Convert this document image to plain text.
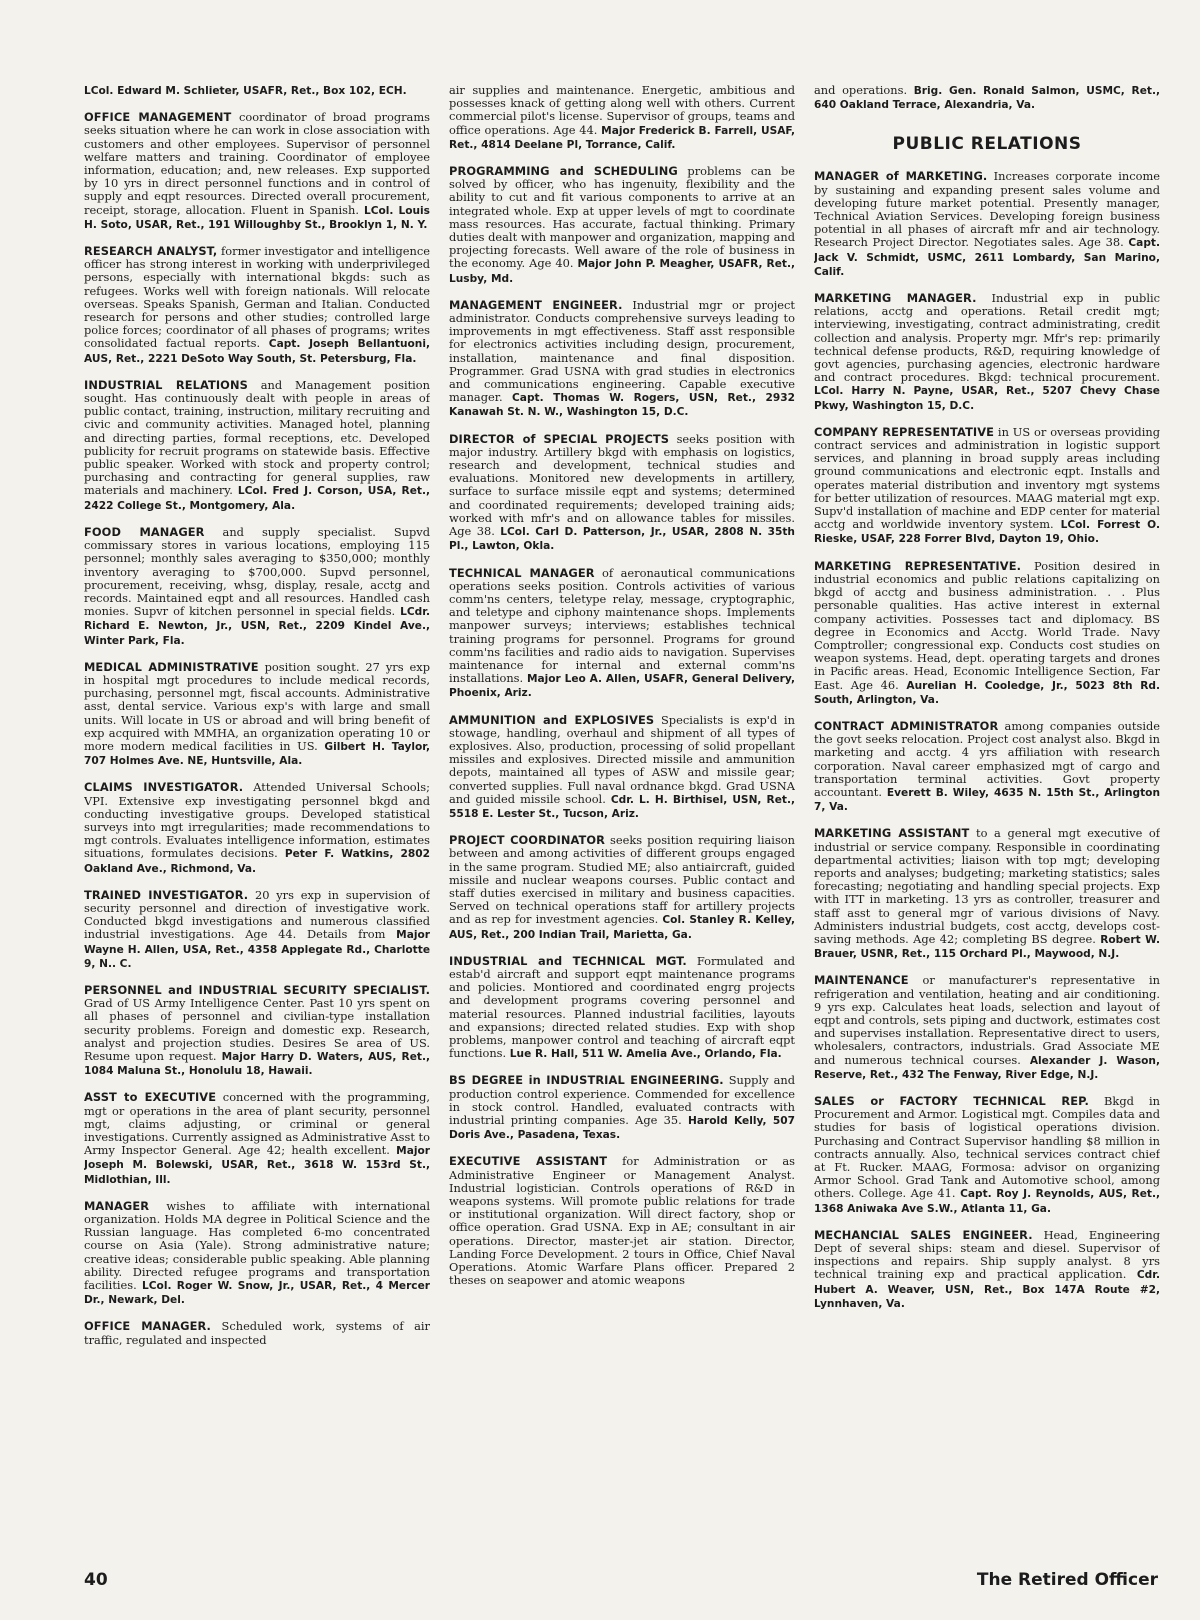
LCol. Edward M. Schlieter, USAFR, Ret., Box 102, ECH.

OFFICE MANAGEMENT coordinator of broad programs seeks situation where he can work in close association with customers and other employees. Supervisor of personnel welfare matters and training. Coordinator of employee information, education; and, new releases. Exp supported by 10 yrs in direct personnel functions and in control of supply and eqpt resources. Directed overall procurement, receipt, storage, allocation. Fluent in Spanish. LCol. Louis H. Soto, USAR, Ret., 191 Willoughby St., Brooklyn 1, N. Y.

RESEARCH ANALYST, former investigator and intelligence officer has strong interest in working with underprivileged persons, especially with international bkgds: such as refugees. Works well with foreign nationals. Will relocate overseas. Speaks Spanish, German and Italian. Conducted research for persons and other studies; controlled large police forces; coordinator of all phases of programs; writes consolidated factual reports. Capt. Joseph Bellantuoni, AUS, Ret., 2221 DeSoto Way South, St. Petersburg, Fla.

INDUSTRIAL RELATIONS and Management position sought. Has continuously dealt with people in areas of public contact, training, instruction, military recruiting and civic and community activities. Managed hotel, planning and directing parties, formal receptions, etc. Developed publicity for recruit programs on statewide basis. Effective public speaker. Worked with stock and property control; purchasing and contracting for general supplies, raw materials and machinery. LCol. Fred J. Corson, USA, Ret., 2422 College St., Montgomery, Ala.

FOOD MANAGER and supply specialist. Supvd commissary stores in various locations, employing 115 personnel; monthly sales averaging to $350,000; monthly inventory averaging to $700,000. Supvd personnel, procurement, receiving, whsg, display, resale, acctg and records. Maintained eqpt and all resources. Handled cash monies. Supvr of kitchen personnel in special fields. LCdr. Richard E. Newton, Jr., USN, Ret., 2209 Kindel Ave., Winter Park, Fla.

MEDICAL ADMINISTRATIVE position sought. 27 yrs exp in hospital mgt procedures to include medical records, purchasing, personnel mgt, fiscal accounts. Administrative asst, dental service. Various exp's with large and small units. Will locate in US or abroad and will bring benefit of exp acquired with MMHA, an organization operating 10 or more modern medical facilities in US. Gilbert H. Taylor, 707 Holmes Ave. NE, Huntsville, Ala.

CLAIMS INVESTIGATOR. Attended Universal Schools; VPI. Extensive exp investigating personnel bkgd and conducting investigative groups. Developed statistical surveys into mgt irregularities; made recommendations to mgt controls. Evaluates intelligence information, estimates situations, formulates decisions. Peter F. Watkins, 2802 Oakland Ave., Richmond, Va.

TRAINED INVESTIGATOR. 20 yrs exp in supervision of security personnel and direction of investigative work. Conducted bkgd investigations and numerous classified industrial investigations. Age 44. Details from Major Wayne H. Allen, USA, Ret., 4358 Applegate Rd., Charlotte 9, N.. C.

PERSONNEL and INDUSTRIAL SECURITY SPECIALIST. Grad of US Army Intelligence Center. Past 10 yrs spent on all phases of personnel and civilian-type installation security problems. Foreign and domestic exp. Research, analyst and projection studies. Desires Se area of US. Resume upon request. Major Harry D. Waters, AUS, Ret., 1084 Maluna St., Honolulu 18, Hawaii.

ASST to EXECUTIVE concerned with the programming, mgt or operations in the area of plant security, personnel mgt, claims adjusting, or criminal or general investigations. Currently assigned as Administrative Asst to Army Inspector General. Age 42; health excellent. Major Joseph M. Bolewski, USAR, Ret., 3618 W. 153rd St., Midlothian, Ill.

MANAGER wishes to affiliate with international organization. Holds MA degree in Political Science and the Russian language. Has completed 6-mo concentrated course on Asia (Yale). Strong administrative nature; creative ideas; considerable public speaking. Able planning ability. Directed refugee programs and transportation facilities. LCol. Roger W. Snow, Jr., USAR, Ret., 4 Mercer Dr., Newark, Del.

OFFICE MANAGER. Scheduled work, systems of air traffic, regulated and inspected

air supplies and maintenance. Energetic, ambitious and possesses knack of getting along well with others. Current commercial pilot's license. Supervisor of groups, teams and office operations. Age 44. Major Frederick B. Farrell, USAF, Ret., 4814 Deelane Pl, Torrance, Calif.

PROGRAMMING and SCHEDULING problems can be solved by officer, who has ingenuity, flexibility and the ability to cut and fit various components to arrive at an integrated whole. Exp at upper levels of mgt to coordinate mass resources. Has accurate, factual thinking. Primary duties dealt with manpower and organization, mapping and projecting forecasts. Well aware of the role of business in the economy. Age 40. Major John P. Meagher, USAFR, Ret., Lusby, Md.

MANAGEMENT ENGINEER. Industrial mgr or project administrator. Conducts comprehensive surveys leading to improvements in mgt effectiveness. Staff asst responsible for electronics activities including design, procurement, installation, maintenance and final disposition. Programmer. Grad USNA with grad studies in electronics and communications engineering. Capable executive manager. Capt. Thomas W. Rogers, USN, Ret., 2932 Kanawah St. N. W., Washington 15, D.C.

DIRECTOR of SPECIAL PROJECTS seeks position with major industry. Artillery bkgd with emphasis on logistics, research and development, technical studies and evaluations. Monitored new developments in artillery, surface to surface missile eqpt and systems; determined and coordinated requirements; developed training aids; worked with mfr's and on allowance tables for missiles. Age 38. LCol. Carl D. Patterson, Jr., USAR, 2808 N. 35th Pl., Lawton, Okla.

TECHNICAL MANAGER of aeronautical communications operations seeks position. Controls activities of various comm'ns centers, teletype relay, message, cryptographic, and teletype and ciphony maintenance shops. Implements manpower surveys; interviews; establishes technical training programs for personnel. Programs for ground comm'ns facilities and radio aids to navigation. Supervises maintenance for internal and external comm'ns installations. Major Leo A. Allen, USAFR, General Delivery, Phoenix, Ariz.

AMMUNITION and EXPLOSIVES Specialists is exp'd in stowage, handling, overhaul and shipment of all types of explosives. Also, production, processing of solid propellant missiles and explosives. Directed missile and ammunition depots, maintained all types of ASW and missile gear; converted supplies. Full naval ordnance bkgd. Grad USNA and guided missile school. Cdr. L. H. Birthisel, USN, Ret., 5518 E. Lester St., Tucson, Ariz.

PROJECT COORDINATOR seeks position requiring liaison between and among activities of different groups engaged in the same program. Studied ME; also antiaircraft, guided missile and nuclear weapons courses. Public contact and staff duties exercised in military and business capacities. Served on technical operations staff for artillery projects and as rep for investment agencies. Col. Stanley R. Kelley, AUS, Ret., 200 Indian Trail, Marietta, Ga.

INDUSTRIAL and TECHNICAL MGT. Formulated and estab'd aircraft and support eqpt maintenance programs and policies. Montiored and coordinated engrg projects and development programs covering personnel and material resources. Planned industrial facilities, layouts and expansions; directed related studies. Exp with shop problems, manpower control and teaching of aircraft eqpt functions. Lue R. Hall, 511 W. Amelia Ave., Orlando, Fla.

BS DEGREE in INDUSTRIAL ENGINEERING. Supply and production control experience. Commended for excellence in stock control. Handled, evaluated contracts with industrial printing companies. Age 35. Harold Kelly, 507 Doris Ave., Pasadena, Texas.

EXECUTIVE ASSISTANT for Administration or as Administrative Engineer or Management Analyst. Industrial logistician. Controls operations of R&D in weapons systems. Will promote public relations for trade or institutional organization. Will direct factory, shop or office operation. Grad USNA. Exp in AE; consultant in air operations. Director, master-jet air station. Director, Landing Force Development. 2 tours in Office, Chief Naval Operations. Atomic Warfare Plans officer. Prepared 2 theses on seapower and atomic weapons

and operations. Brig. Gen. Ronald Salmon, USMC, Ret., 640 Oakland Terrace, Alexandria, Va.

PUBLIC RELATIONS

MANAGER of MARKETING. Increases corporate income by sustaining and expanding present sales volume and developing future market potential. Presently manager, Technical Aviation Services. Developing foreign business potential in all phases of aircraft mfr and air technology. Research Project Director. Negotiates sales. Age 38. Capt. Jack V. Schmidt, USMC, 2611 Lombardy, San Marino, Calif.

MARKETING MANAGER. Industrial exp in public relations, acctg and operations. Retail credit mgt; interviewing, investigating, contract administrating, credit collection and analysis. Property mgr. Mfr's rep: primarily technical defense products, R&D, requiring knowledge of govt agencies, purchasing agencies, electronic hardware and contract procedures. Bkgd: technical procurement. LCol. Harry N. Payne, USAR, Ret., 5207 Chevy Chase Pkwy, Washington 15, D.C.

COMPANY REPRESENTATIVE in US or overseas providing contract services and administration in logistic support services, and planning in broad supply areas including ground communications and electronic eqpt. Installs and operates material distribution and inventory mgt systems for better utilization of resources. MAAG material mgt exp. Supv'd installation of machine and EDP center for material acctg and worldwide inventory system. LCol. Forrest O. Rieske, USAF, 228 Forrer Blvd, Dayton 19, Ohio.

MARKETING REPRESENTATIVE. Position desired in industrial economics and public relations capitalizing on bkgd of acctg and business administration. . . Plus personable qualities. Has active interest in external company activities. Possesses tact and diplomacy. BS degree in Economics and Acctg. World Trade. Navy Comptroller; congressional exp. Conducts cost studies on weapon systems. Head, dept. operating targets and drones in Pacific areas. Head, Economic Intelligence Section, Far East. Age 46. Aurelian H. Cooledge, Jr., 5023 8th Rd. South, Arlington, Va.

CONTRACT ADMINISTRATOR among companies outside the govt seeks relocation. Project cost analyst also. Bkgd in marketing and acctg. 4 yrs affiliation with research corporation. Naval career emphasized mgt of cargo and transportation terminal activities. Govt property accountant. Everett B. Wiley, 4635 N. 15th St., Arlington 7, Va.

MARKETING ASSISTANT to a general mgt executive of industrial or service company. Responsible in coordinating departmental activities; liaison with top mgt; developing reports and analyses; budgeting; marketing statistics; sales forecasting; negotiating and handling special projects. Exp with ITT in marketing. 13 yrs as controller, treasurer and staff asst to general mgr of various divisions of Navy. Administers industrial budgets, cost acctg, develops cost-saving methods. Age 42; completing BS degree. Robert W. Brauer, USNR, Ret., 115 Orchard Pl., Maywood, N.J.

MAINTENANCE or manufacturer's representative in refrigeration and ventilation, heating and air conditioning. 9 yrs exp. Calculates heat loads, selection and layout of eqpt and controls, sets piping and ductwork, estimates cost and supervises installation. Representative direct to users, wholesalers, contractors, industrials. Grad Associate ME and numerous technical courses. Alexander J. Wason, Reserve, Ret., 432 The Fenway, River Edge, N.J.

SALES or FACTORY TECHNICAL REP. Bkgd in Procurement and Armor. Logistical mgt. Compiles data and studies for basis of logistical operations division. Purchasing and Contract Supervisor handling $8 million in contracts annually. Also, technical services contract chief at Ft. Rucker. MAAG, Formosa: advisor on organizing Armor School. Grad Tank and Automotive school, among others. College. Age 41. Capt. Roy J. Reynolds, AUS, Ret., 1368 Aniwaka Ave S.W., Atlanta 11, Ga.

MECHANCIAL SALES ENGINEER. Head, Engineering Dept of several ships: steam and diesel. Supervisor of inspections and repairs. Ship supply analyst. 8 yrs technical training exp and practical application. Cdr. Hubert A. Weaver, USN, Ret., Box 147A Route #2, Lynnhaven, Va.

40	The Retired Officer
